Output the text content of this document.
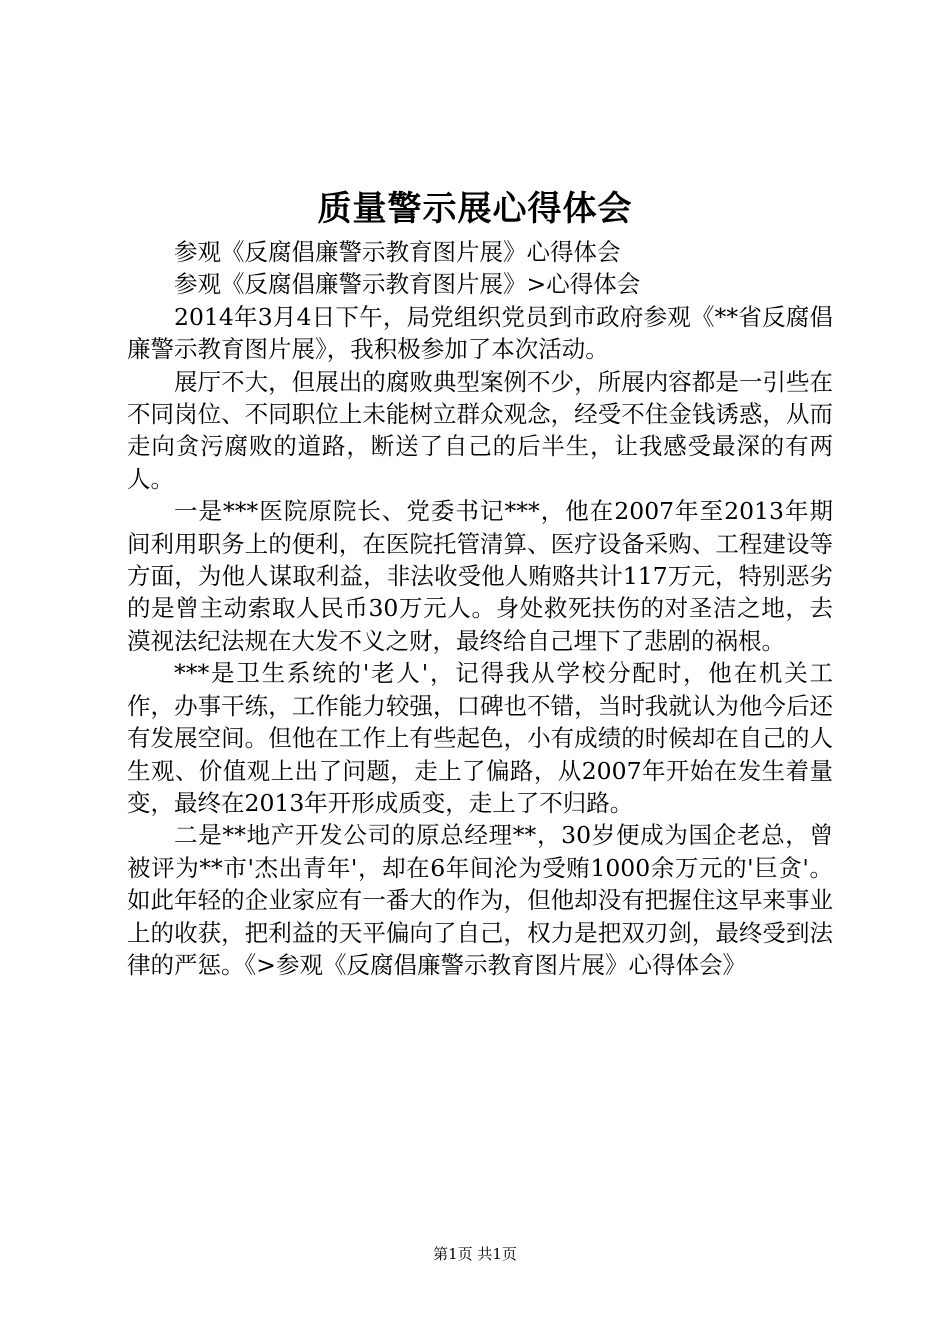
质量警示展心得体会

参观《反腐倡廉警示教育图片展》心得体会

参观《反腐倡廉警示教育图片展》>心得体会

2014年3月4日下午，局党组织党员到市政府参观《**省反腐倡廉警示教育图片展》，我积极参加了本次活动。

展厅不大，但展出的腐败典型案例不少，所展内容都是一引些在不同岗位、不同职位上未能树立群众观念，经受不住金钱诱惑，从而走向贪污腐败的道路，断送了自己的后半生，让我感受最深的有两人。

一是***医院原院长、党委书记***，他在2007年至2013年期间利用职务上的便利，在医院托管清算、医疗设备采购、工程建设等方面，为他人谋取利益，非法收受他人贿赂共计117万元，特别恶劣的是曾主动索取人民币30万元人。身处救死扶伤的对圣洁之地，去漠视法纪法规在大发不义之财，最终给自己埋下了悲剧的祸根。

***是卫生系统的'老人'，记得我从学校分配时，他在机关工作，办事干练，工作能力较强，口碑也不错，当时我就认为他今后还有发展空间。但他在工作上有些起色，小有成绩的时候却在自己的人生观、价值观上出了问题，走上了偏路，从2007年开始在发生着量变，最终在2013年开形成质变，走上了不归路。

二是**地产开发公司的原总经理**，30岁便成为国企老总，曾被评为**市'杰出青年'，却在6年间沦为受贿1000余万元的'巨贪'。如此年轻的企业家应有一番大的作为，但他却没有把握住这早来事业上的收获，把利益的天平偏向了自己，权力是把双刃剑，最终受到法律的严惩。《>参观《反腐倡廉警示教育图片展》心得体会》

第1页 共1页
